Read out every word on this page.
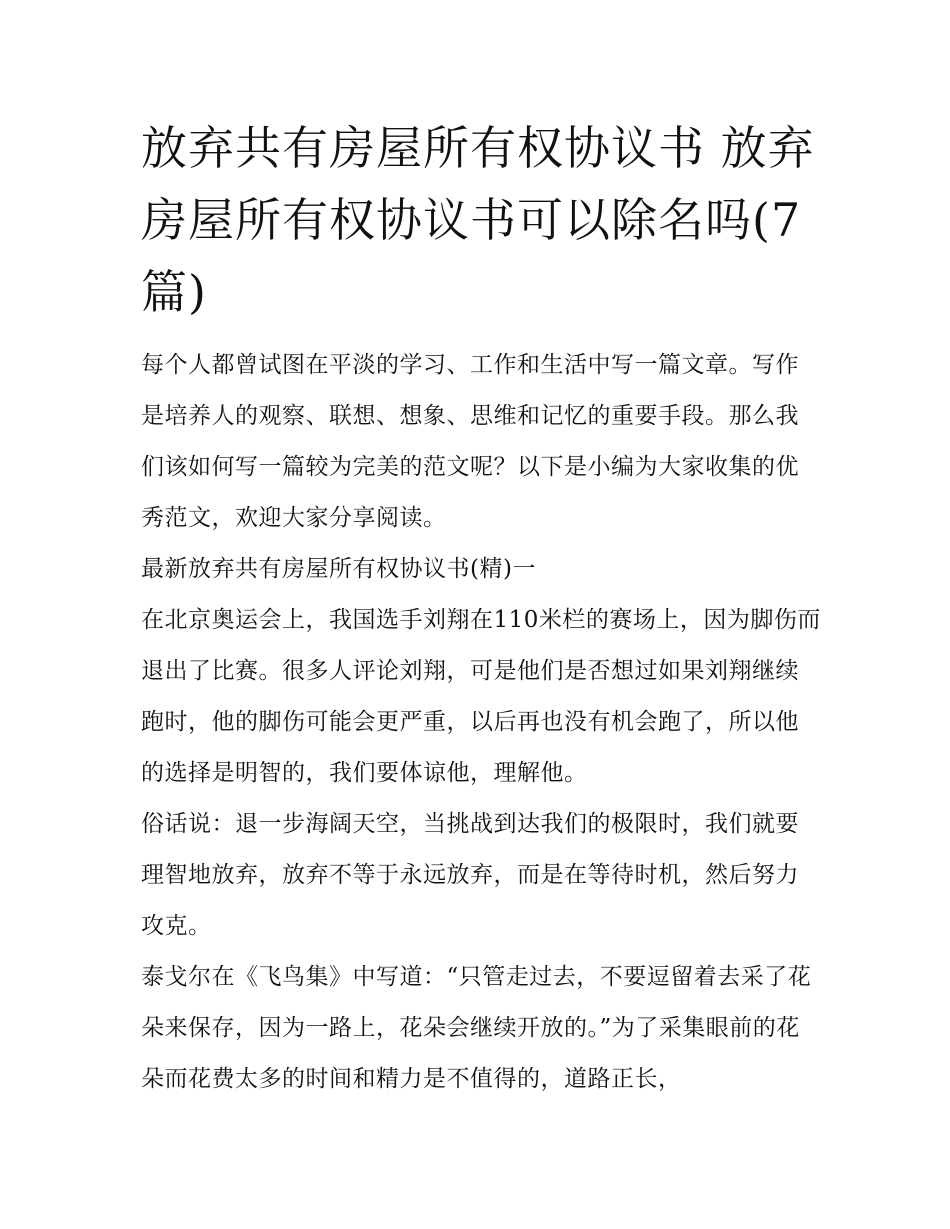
放弃共有房屋所有权协议书 放弃房屋所有权协议书可以除名吗(7篇)

每个人都曾试图在平淡的学习、工作和生活中写一篇文章。写作是培养人的观察、联想、想象、思维和记忆的重要手段。那么我们该如何写一篇较为完美的范文呢？以下是小编为大家收集的优秀范文，欢迎大家分享阅读。

最新放弃共有房屋所有权协议书(精)一

在北京奥运会上，我国选手刘翔在110米栏的赛场上，因为脚伤而退出了比赛。很多人评论刘翔，可是他们是否想过如果刘翔继续跑时，他的脚伤可能会更严重，以后再也没有机会跑了，所以他的选择是明智的，我们要体谅他，理解他。

俗话说：退一步海阔天空，当挑战到达我们的极限时，我们就要理智地放弃，放弃不等于永远放弃，而是在等待时机，然后努力攻克。

泰戈尔在《飞鸟集》中写道：“只管走过去，不要逗留着去采了花朵来保存，因为一路上，花朵会继续开放的。”为了采集眼前的花朵而花费太多的时间和精力是不值得的，道路正长，
